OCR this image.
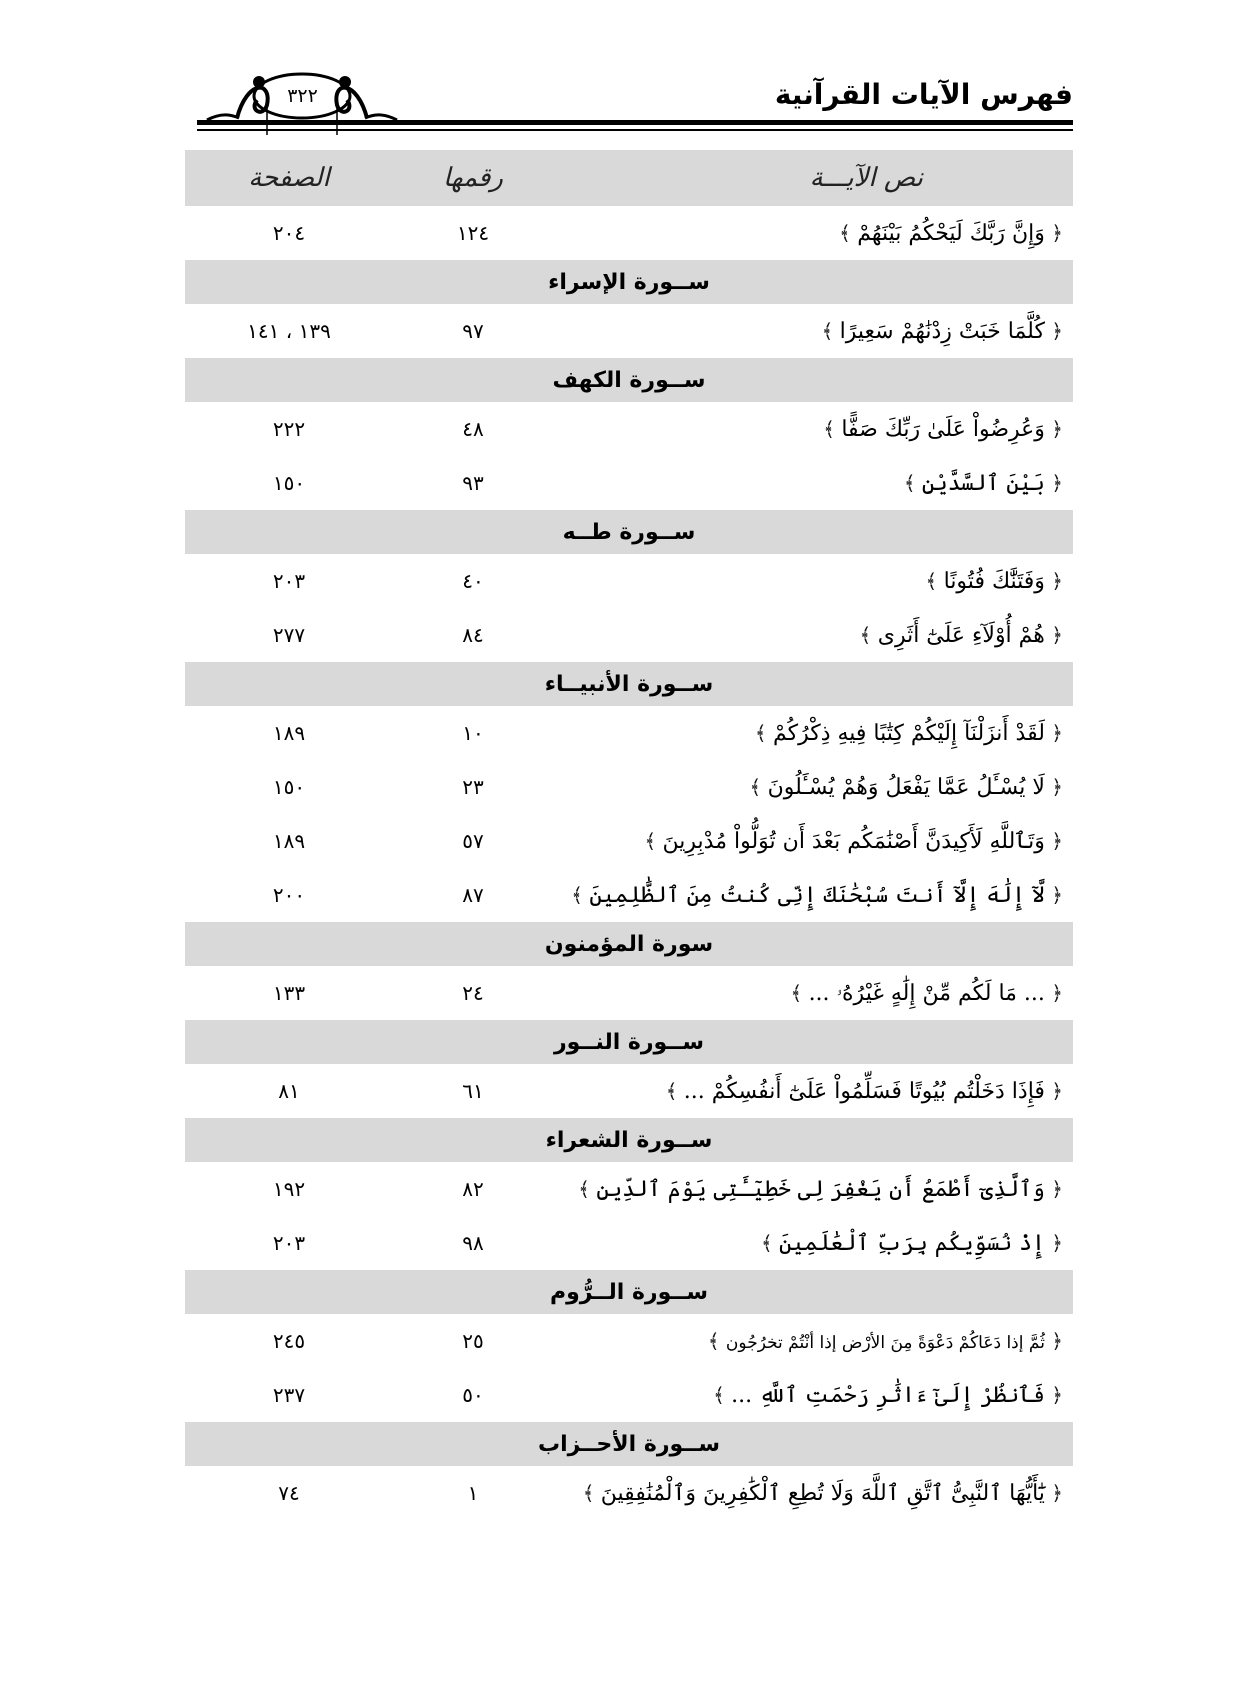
فهرس الآيات القرآنية
٣٢٢
نص الآيـــة
رقمها
الصفحة
﴿ وَإِنَّ رَبَّكَ لَيَحْكُمُ بَيْنَهُمْ ﴾
١٢٤
٢٠٤
ســورة الإسراء
﴿ كُلَّمَا خَبَتْ زِدْنَٰهُمْ سَعِيرًا ﴾
٩٧
١٣٩ ، ١٤١
ســورة الكهف
﴿ وَعُرِضُواْ عَلَىٰ رَبِّكَ صَفًّا ﴾
٤٨
٢٢٢
﴿ بَيْنَ ٱلسَّدَّيْنِ ﴾
٩٣
١٥٠
ســورة طــه
﴿ وَفَتَنَّٰكَ فُتُونًا ﴾
٤٠
٢٠٣
﴿ هُمْ أُوْلَآءِ عَلَىٰٓ أَثَرِى ﴾
٨٤
٢٧٧
ســورة الأنبيــاء
﴿ لَقَدْ أَنزَلْنَآ إِلَيْكُمْ كِتَٰبًا فِيهِ ذِكْرُكُمْ ﴾
١٠
١٨٩
﴿ لَا يُسْـَٔلُ عَمَّا يَفْعَلُ وَهُمْ يُسْـَٔلُونَ ﴾
٢٣
١٥٠
﴿ وَتَٱللَّهِ لَأَكِيدَنَّ أَصْنَٰمَكُم بَعْدَ أَن تُوَلُّواْ مُدْبِرِينَ ﴾
٥٧
١٨٩
﴿ لَّآ إِلَٰهَ إِلَّآ أَنتَ سُبْحَٰنَكَ إِنِّى كُنتُ مِنَ ٱلظَّٰلِمِينَ ﴾
٨٧
٢٠٠
سورة المؤمنون
﴿ ... مَا لَكُم مِّنْ إِلَٰهٍ غَيْرُهُۥ ... ﴾
٢٤
١٣٣
ســورة النــور
﴿ فَإِذَا دَخَلْتُم بُيُوتًا فَسَلِّمُواْ عَلَىٰٓ أَنفُسِكُمْ ... ﴾
٦١
٨١
ســورة الشعراء
﴿ وَٱلَّذِىٓ أَطْمَعُ أَن يَغْفِرَ لِى خَطِيٓـَٔتِى يَوْمَ ٱلدِّينِ ﴾
٨٢
١٩٢
﴿ إِذْ نُسَوِّيكُم بِرَبِّ ٱلْعَٰلَمِينَ ﴾
٩٨
٢٠٣
ســورة الــرُّوم
﴿ ثُمَّ إذا دَعَاكُمْ دَعْوَةً مِنَ الأرْض إذا أنْتُمْ تخرُجُون ﴾
٢٥
٢٤٥
﴿ فَٱنظُرْ إِلَىٰٓ ءَاثَٰرِ رَحْمَتِ ٱللَّهِ ... ﴾
٥٠
٢٣٧
ســورة الأحــزاب
﴿ يَٰٓأَيُّهَا ٱلنَّبِىُّ ٱتَّقِ ٱللَّهَ وَلَا تُطِعِ ٱلْكَٰفِرِينَ وَٱلْمُنَٰفِقِينَ ﴾
١
٧٤
